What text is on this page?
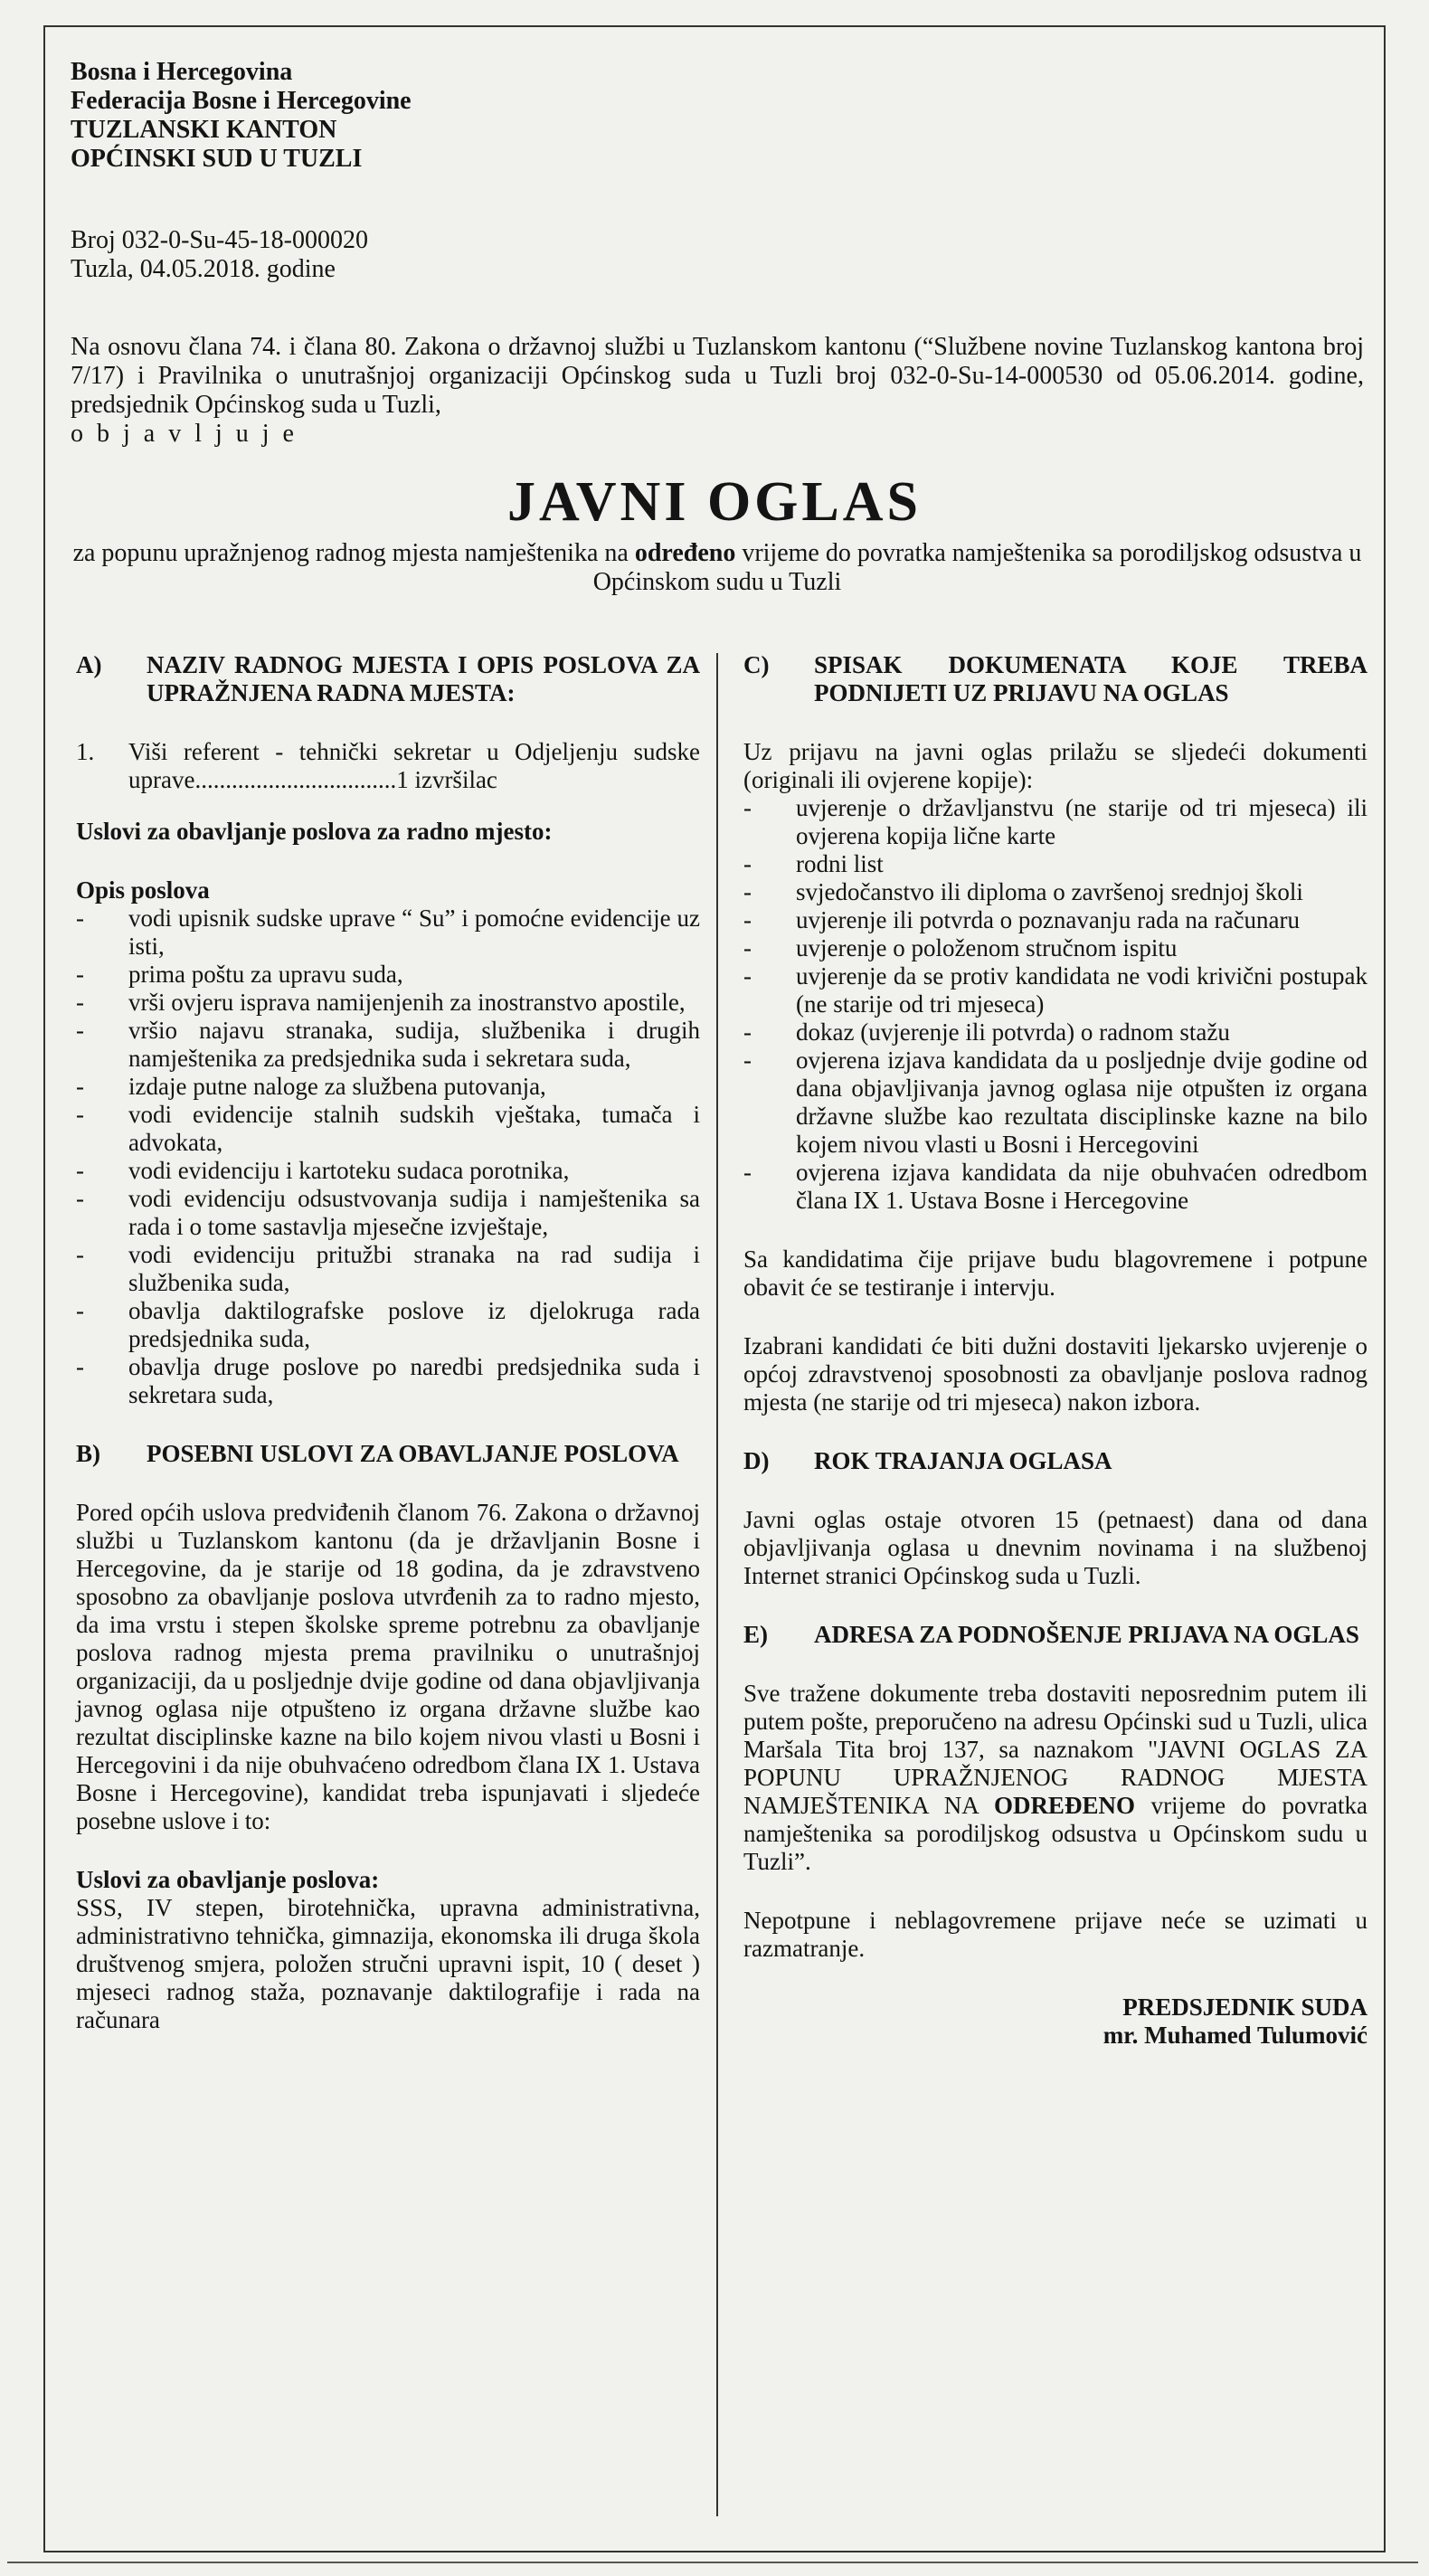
Bosna i Hercegovina
Federacija Bosne i Hercegovine
TUZLANSKI KANTON
OPĆINSKI SUD U TUZLI
Broj 032-0-Su-45-18-000020
Tuzla, 04.05.2018. godine
Na osnovu člana 74. i člana 80. Zakona o državnoj službi u Tuzlanskom kantonu (“Službene novine Tuzlanskog kantona broj 7/17) i Pravilnika o unutrašnjoj organizaciji Općinskog suda u Tuzli broj 032-0-Su-14-000530 od 05.06.2014. godine, predsjednik Općinskog suda u Tuzli,
o b j a v l j u j e
JAVNI OGLAS
za popunu upražnjenog radnog mjesta namještenika na određeno vrijeme do povratka namještenika sa porodiljskog odsustva u Općinskom sudu u Tuzli
A)	NAZIV RADNOG MJESTA I OPIS POSLOVA ZA UPRAŽNJENA RADNA MJESTA:
1.	Viši referent - tehnički sekretar u Odjeljenju sudske uprave.................................1 izvršilac

Uslovi za obavljanje poslova za radno mjesto:

Opis poslova

-	vodi upisnik sudske uprave “ Su” i pomoćne evidencije uz isti,
-	prima poštu za upravu suda,
-	vrši ovjeru isprava namijenjenih za inostranstvo apostile,
-	vršio najavu stranaka, sudija, službenika i drugih namještenika za predsjednika suda i sekretara suda,
-	izdaje putne naloge za službena putovanja,
-	vodi evidencije stalnih sudskih vještaka, tumača i advokata,
-	vodi evidenciju i kartoteku sudaca porotnika,
-	vodi evidenciju odsustvovanja sudija i namještenika sa rada i o tome sastavlja mjesečne izvještaje,
-	vodi evidenciju pritužbi stranaka na rad sudija i službenika suda,
-	obavlja daktilografske poslove iz djelokruga rada predsjednika suda,
-	obavlja druge poslove po naredbi predsjednika suda i sekretara suda,
B)	POSEBNI USLOVI ZA OBAVLJANJE POSLOVA

Pored općih uslova predviđenih članom 76. Zakona o državnoj službi u Tuzlanskom kantonu (da je državljanin Bosne i Hercegovine, da je starije od 18 godina, da je zdravstveno sposobno za obavljanje poslova utvrđenih za to radno mjesto, da ima vrstu i stepen školske spreme potrebnu za obavljanje poslova radnog mjesta prema pravilniku o unutrašnjoj organizaciji, da u posljednje dvije godine od dana objavljivanja javnog oglasa nije otpušteno iz organa državne službe kao rezultat disciplinske kazne na bilo kojem nivou vlasti u Bosni i Hercegovini i da nije obuhvaćeno odredbom člana IX 1. Ustava Bosne i Hercegovine), kandidat treba ispunjavati i sljedeće posebne uslove i to:

Uslovi za obavljanje poslova:

SSS, IV stepen, birotehnička, upravna administrativna, administrativno tehnička, gimnazija, ekonomska ili druga škola društvenog smjera, položen stručni upravni ispit, 10 ( deset ) mjeseci radnog staža, poznavanje daktilografije i rada na računara

C)	SPISAK DOKUMENATA KOJE TREBA PODNIJETI UZ PRIJAVU NA OGLAS

Uz prijavu na javni oglas prilažu se sljedeći dokumenti (originali ili ovjerene kopije):

-	uvjerenje o državljanstvu (ne starije od tri mjeseca) ili ovjerena kopija lične karte
-	rodni list
-	svjedočanstvo ili diploma o završenoj srednjoj školi
-	uvjerenje ili potvrda o poznavanju rada na računaru
-	uvjerenje o položenom stručnom ispitu
-	uvjerenje da se protiv kandidata ne vodi krivični postupak (ne starije od tri mjeseca)
-	dokaz (uvjerenje ili potvrda) o radnom stažu
-	ovjerena izjava kandidata da u posljednje dvije godine od dana objavljivanja javnog oglasa nije otpušten iz organa državne službe kao rezultata disciplinske kazne na bilo kojem nivou vlasti u Bosni i Hercegovini
-	ovjerena izjava kandidata da nije obuhvaćen odredbom člana IX 1. Ustava Bosne i Hercegovine

Sa kandidatima čije prijave budu blagovremene i potpune obavit će se testiranje i intervju.

Izabrani kandidati će biti dužni dostaviti ljekarsko uvjerenje o općoj zdravstvenoj sposobnosti za obavljanje poslova radnog mjesta (ne starije od tri mjeseca) nakon izbora.

D)	ROK TRAJANJA OGLASA

Javni oglas ostaje otvoren 15 (petnaest) dana od dana objavljivanja oglasa u dnevnim novinama i na službenoj Internet stranici Općinskog suda u Tuzli.

E)	ADRESA ZA PODNOŠENJE PRIJAVA NA OGLAS

Sve tražene dokumente treba dostaviti neposrednim putem ili putem pošte, preporučeno na adresu Općinski sud u Tuzli, ulica Maršala Tita broj 137, sa naznakom "JAVNI OGLAS ZA POPUNU UPRAŽNJENOG RADNOG MJESTA NAMJEŠTENIKA NA ODREĐENO vrijeme do povratka namještenika sa porodiljskog odsustva u Općinskom sudu u Tuzli”.

Nepotpune i neblagovremene prijave neće se uzimati u razmatranje.

PREDSJEDNIK SUDA
mr. Muhamed Tulumović
